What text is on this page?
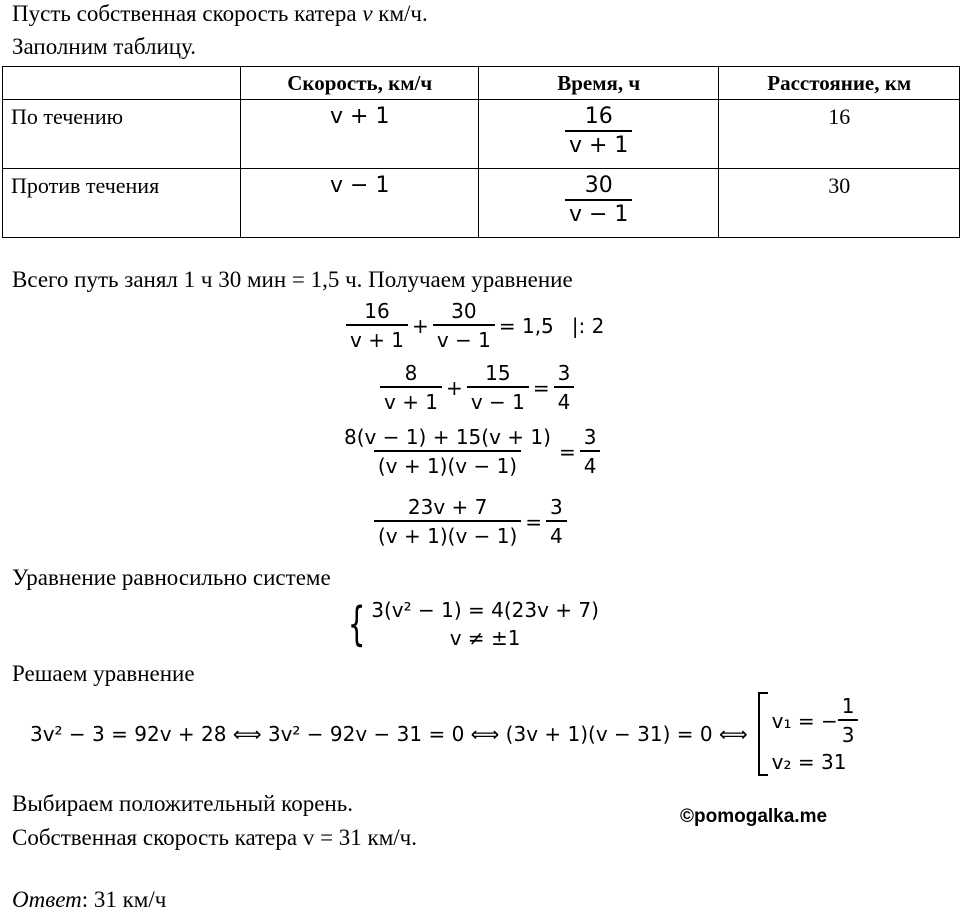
Пусть собственная скорость катера v км/ч.
Заполним таблицу.
	Скорость, км/ч	Время, ч	Расстояние, км
По течению	v + 1	$\frac{16}{v + 1}$	16
Против течения	v − 1	$\frac{30}{v - 1}$	30
Всего путь занял 1 ч 30 мин = 1,5 ч. Получаем уравнение
$\frac{16}{v + 1} + \frac{30}{v - 1} = 1,5$ |: 2
$\frac{8}{v + 1} + \frac{15}{v - 1} = \frac{3}{4}$
$\frac{8(v - 1) + 15(v + 1)}{(v + 1)(v - 1)} = \frac{3}{4}$
$\frac{23v + 7}{(v + 1)(v - 1)} = \frac{3}{4}$
Уравнение равносильно системе
{ 3(v² − 1) = 4(23v + 7)
v ≠ ±1
Решаем уравнение
3v² − 3 = 92v + 28 ⟺ 3v² − 92v − 31 = 0 ⟺ (3v + 1)(v − 31) = 0 ⟺
v₁ = − $\frac{1}{3}$
v₂ = 31
Выбираем положительный корень.
©pomogalka.me
Собственная скорость катера v = 31 км/ч.
Ответ: 31 км/ч
